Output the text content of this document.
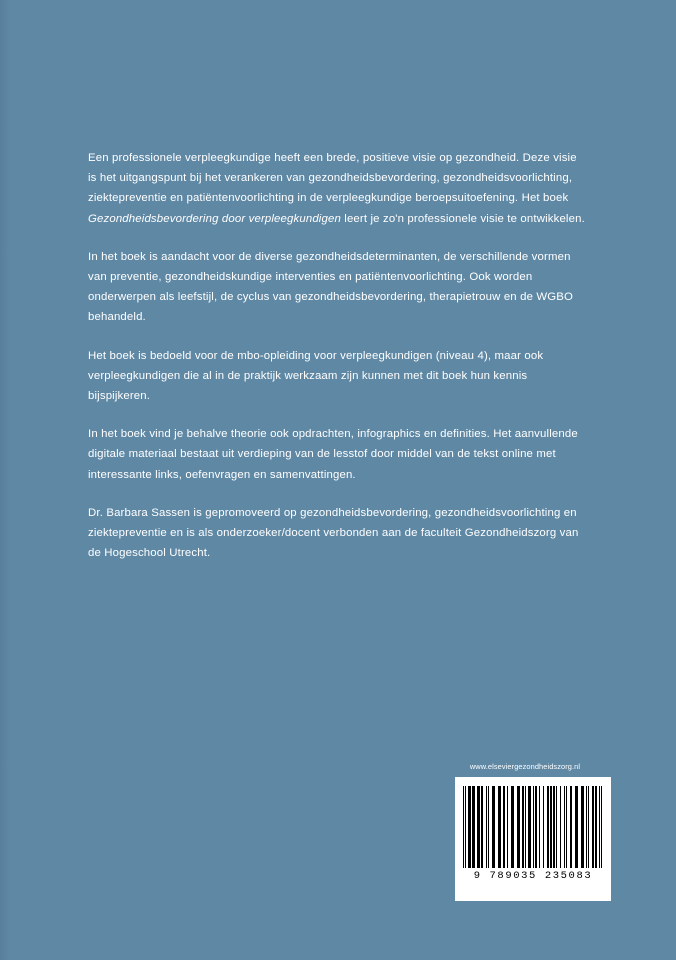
Een professionele verpleegkundige heeft een brede, positieve visie op gezondheid. Deze visie is het uitgangspunt bij het verankeren van gezondheidsbevordering, gezondheidsvoorlichting, ziektepreventie en patiëntenvoorlichting in de verpleegkundige beroepsuitoefening. Het boek Gezondheidsbevordering door verpleegkundigen leert je zo'n professionele visie te ontwikkelen.

In het boek is aandacht voor de diverse gezondheidsdeterminanten, de verschillende vormen van preventie, gezondheidskundige interventies en patiëntenvoorlichting. Ook worden onderwerpen als leefstijl, de cyclus van gezondheidsbevordering, therapietrouw en de WGBO behandeld.

Het boek is bedoeld voor de mbo-opleiding voor verpleegkundigen (niveau 4), maar ook verpleegkundigen die al in de praktijk werkzaam zijn kunnen met dit boek hun kennis bijspijkeren.

In het boek vind je behalve theorie ook opdrachten, infographics en definities. Het aanvullende digitale materiaal bestaat uit verdieping van de lesstof door middel van de tekst online met interessante links, oefenvragen en samenvattingen.

Dr. Barbara Sassen is gepromoveerd op gezondheidsbevordering, gezondheidsvoorlichting en ziektepreventie en is als onderzoeker/docent verbonden aan de faculteit Gezondheidszorg van de Hogeschool Utrecht.

www.elseviergezondheidszorg.nl
9 789035 235083
